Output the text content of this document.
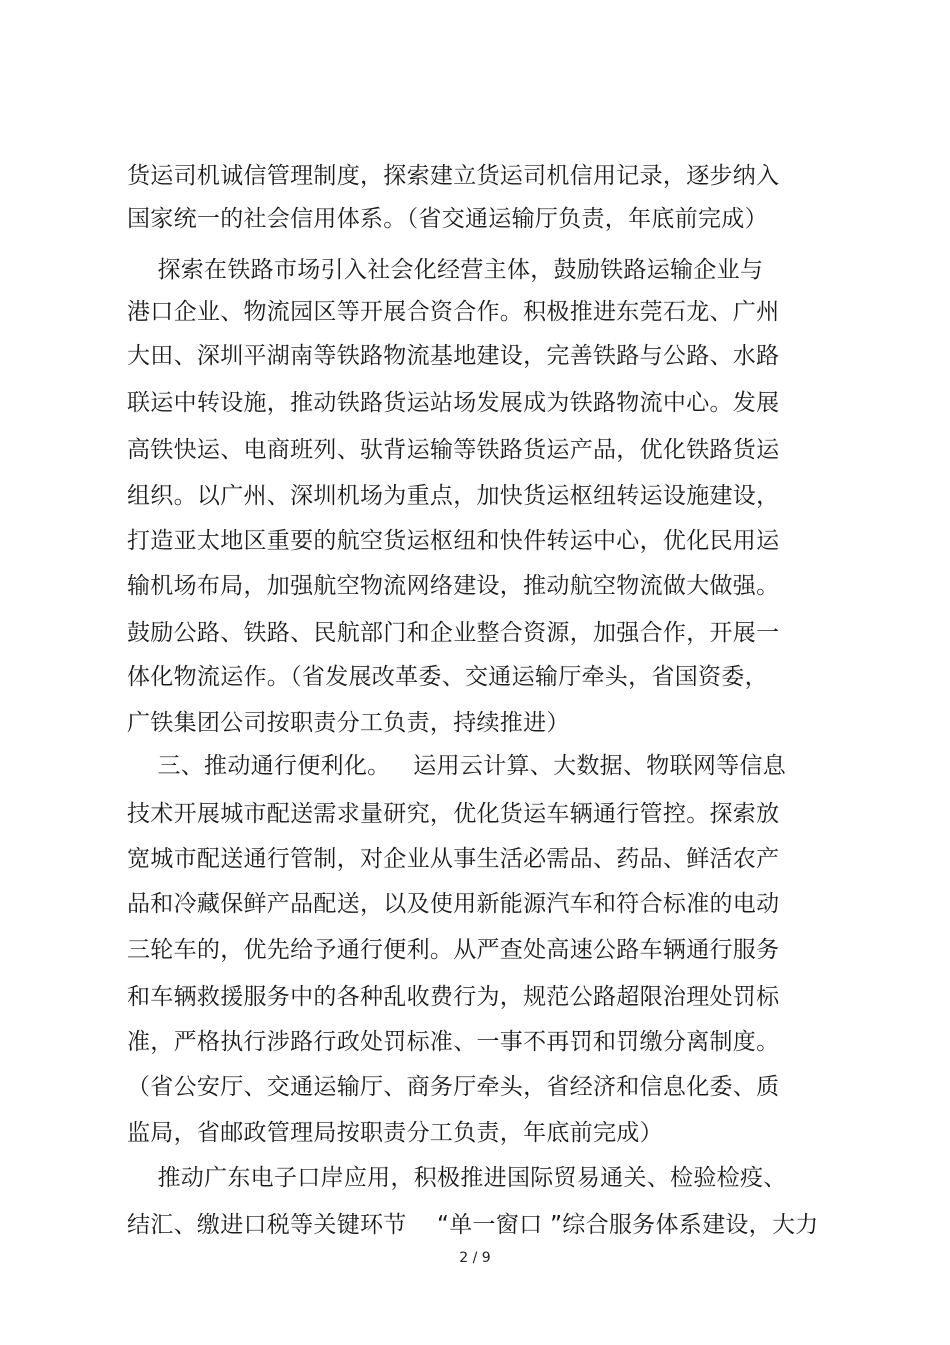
货运司机诚信管理制度，探索建立货运司机信用记录，逐步纳入
国家统一的社会信用体系。（省交通运输厅负责，年底前完成）
探索在铁路市场引入社会化经营主体，鼓励铁路运输企业与
港口企业、物流园区等开展合资合作。积极推进东莞石龙、广州
大田、深圳平湖南等铁路物流基地建设，完善铁路与公路、水路
联运中转设施，推动铁路货运站场发展成为铁路物流中心。发展
高铁快运、电商班列、驮背运输等铁路货运产品，优化铁路货运
组织。以广州、深圳机场为重点，加快货运枢纽转运设施建设，
打造亚太地区重要的航空货运枢纽和快件转运中心，优化民用运
输机场布局，加强航空物流网络建设，推动航空物流做大做强。
鼓励公路、铁路、民航部门和企业整合资源，加强合作，开展一
体化物流运作。（省发展改革委、交通运输厅牵头，省国资委，
广铁集团公司按职责分工负责，持续推进）
三、推动通行便利化。   运用云计算、大数据、物联网等信息
技术开展城市配送需求量研究，优化货运车辆通行管控。探索放
宽城市配送通行管制，对企业从事生活必需品、药品、鲜活农产
品和冷藏保鲜产品配送，以及使用新能源汽车和符合标准的电动
三轮车的，优先给予通行便利。从严查处高速公路车辆通行服务
和车辆救援服务中的各种乱收费行为，规范公路超限治理处罚标
准，严格执行涉路行政处罚标准、一事不再罚和罚缴分离制度。
（省公安厅、交通运输厅、商务厅牵头，省经济和信息化委、质
监局，省邮政管理局按职责分工负责，年底前完成）
推动广东电子口岸应用，积极推进国际贸易通关、检验检疫、
结汇、缴进口税等关键环节    “单一窗口 ”综合服务体系建设，大力
2 / 9
